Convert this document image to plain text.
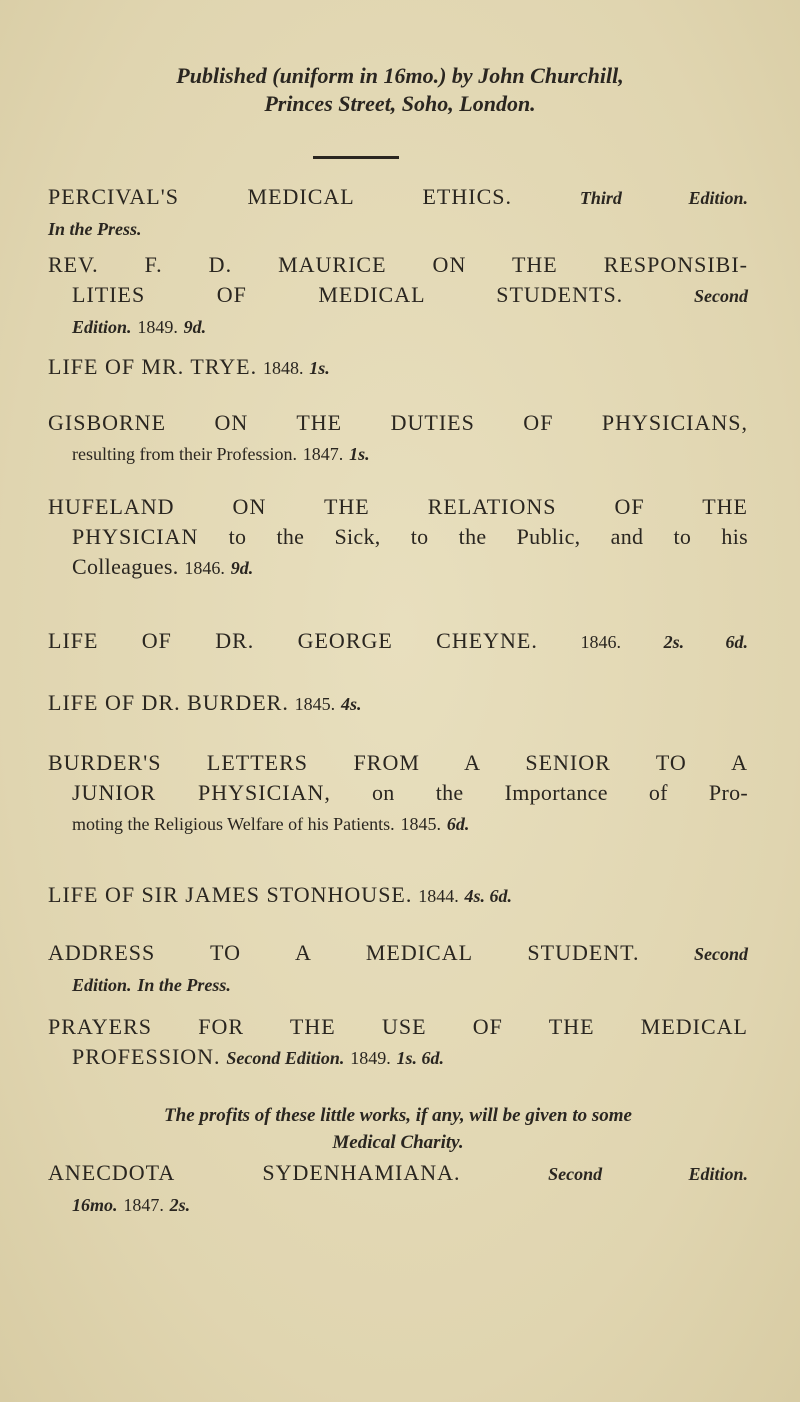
Published (uniform in 16mo.) by John Churchill,
Princes Street, Soho, London.
PERCIVAL'S MEDICAL ETHICS.	Third Edition.
In the Press.
REV. F. D. MAURICE ON THE RESPONSIBI-
LITIES OF MEDICAL STUDENTS.	Second
Edition. 1849. 9d.
LIFE OF MR. TRYE. 1848. 1s.
GISBORNE ON THE DUTIES OF PHYSICIANS,
resulting from their Profession. 1847. 1s.
HUFELAND ON THE RELATIONS OF THE
PHYSICIAN to the Sick, to the Public, and to his
Colleagues. 1846. 9d.
LIFE OF DR. GEORGE CHEYNE. 1846. 2s. 6d.
LIFE OF DR. BURDER. 1845. 4s.
BURDER'S LETTERS FROM A SENIOR TO A
JUNIOR PHYSICIAN, on the Importance of Pro-
moting the Religious Welfare of his Patients. 1845. 6d.
LIFE OF SIR JAMES STONHOUSE. 1844. 4s. 6d.
ADDRESS TO A MEDICAL STUDENT.	Second
Edition. In the Press.
PRAYERS FOR THE USE OF THE MEDICAL
PROFESSION. Second Edition. 1849. 1s. 6d.
The profits of these little works, if any, will be given to some
Medical Charity.
ANECDOTA SYDENHAMIANA.	Second Edition.
16mo. 1847. 2s.
